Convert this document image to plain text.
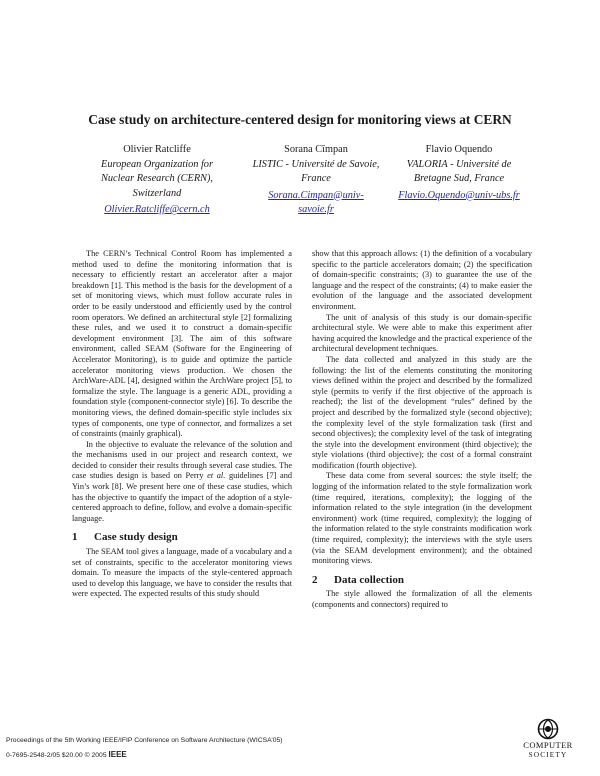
Case study on architecture-centered design for monitoring views at CERN
Olivier Ratcliffe
European Organization for
Nuclear Research (CERN),
Switzerland
Olivier.Ratcliffe@cern.ch
Sorana Cîmpan
LISTIC - Université de Savoie,
France
Sorana.Cimpan@univ-
savoie.fr
Flavio Oquendo
VALORIA - Université de
Bretagne Sud, France
Flavio.Oquendo@univ-ubs.fr

The CERN’s Technical Control Room has implemented a method used to define the monitoring information that is necessary to efficiently restart an accelerator after a major breakdown [1]. This method is the basis for the development of a set of monitoring views, which must follow accurate rules in order to be easily understood and efficiently used by the control room operators. We defined an architectural style [2] formalizing these rules, and we used it to construct a domain-specific development environment [3]. The aim of this software environment, called SEAM (Software for the Engineering of Accelerator Monitoring), is to guide and optimize the particle accelerator monitoring views production. We chosen the ArchWare-ADL [4], designed within the ArchWare project [5], to formalize the style. The language is a generic ADL, providing a foundation style (component-connector style) [6]. To describe the monitoring views, the defined domain-specific style includes six types of components, one type of connector, and formalizes a set of constraints (mainly graphical).

In the objective to evaluate the relevance of the solution and the mechanisms used in our project and research context, we decided to consider their results through several case studies. The case studies design is based on Perry et al. guidelines [7] and Yin’s work [8]. We present here one of these case studies, which has the objective to quantify the impact of the adoption of a style-centered approach to define, follow, and evolve a domain-specific language.

1 Case study design

The SEAM tool gives a language, made of a vocabulary and a set of constraints, specific to the accelerator monitoring views domain. To measure the impacts of the style-centered approach used to develop this language, we have to consider the results that were expected. The expected results of this study should

show that this approach allows: (1) the definition of a vocabulary specific to the particle accelerators domain; (2) the specification of domain-specific constraints; (3) to guarantee the use of the language and the respect of the constraints; (4) to make easier the evolution of the language and the associated development environment.

The unit of analysis of this study is our domain-specific architectural style. We were able to make this experiment after having acquired the knowledge and the practical experience of the architectural development techniques.

The data collected and analyzed in this study are the following: the list of the elements constituting the monitoring views defined within the project and described by the formalized style (permits to verify if the first objective of the approach is reached); the list of the development “rules” defined by the project and described by the formalized style (second objective); the complexity level of the style formalization task (first and second objectives); the complexity level of the task of integrating the style into the development environment (third objective); the style violations (third objective); the cost of a formal constraint modification (fourth objective).

These data come from several sources: the style itself; the logging of the information related to the style formalization work (time required, iterations, complexity); the logging of the information related to the style integration (in the development environment) work (time required, complexity); the logging of the information related to the style constraints modification work (time required, complexity); the interviews with the style users (via the SEAM development environment); and the obtained monitoring views.

2 Data collection

The style allowed the formalization of all the elements (components and connectors) required to

Proceedings of the 5th Working IEEE/IFIP Conference on Software Architecture (WICSA’05)
0-7695-2548-2/05 $20.00 © 2005 IEEE
COMPUTER
SOCIETY
